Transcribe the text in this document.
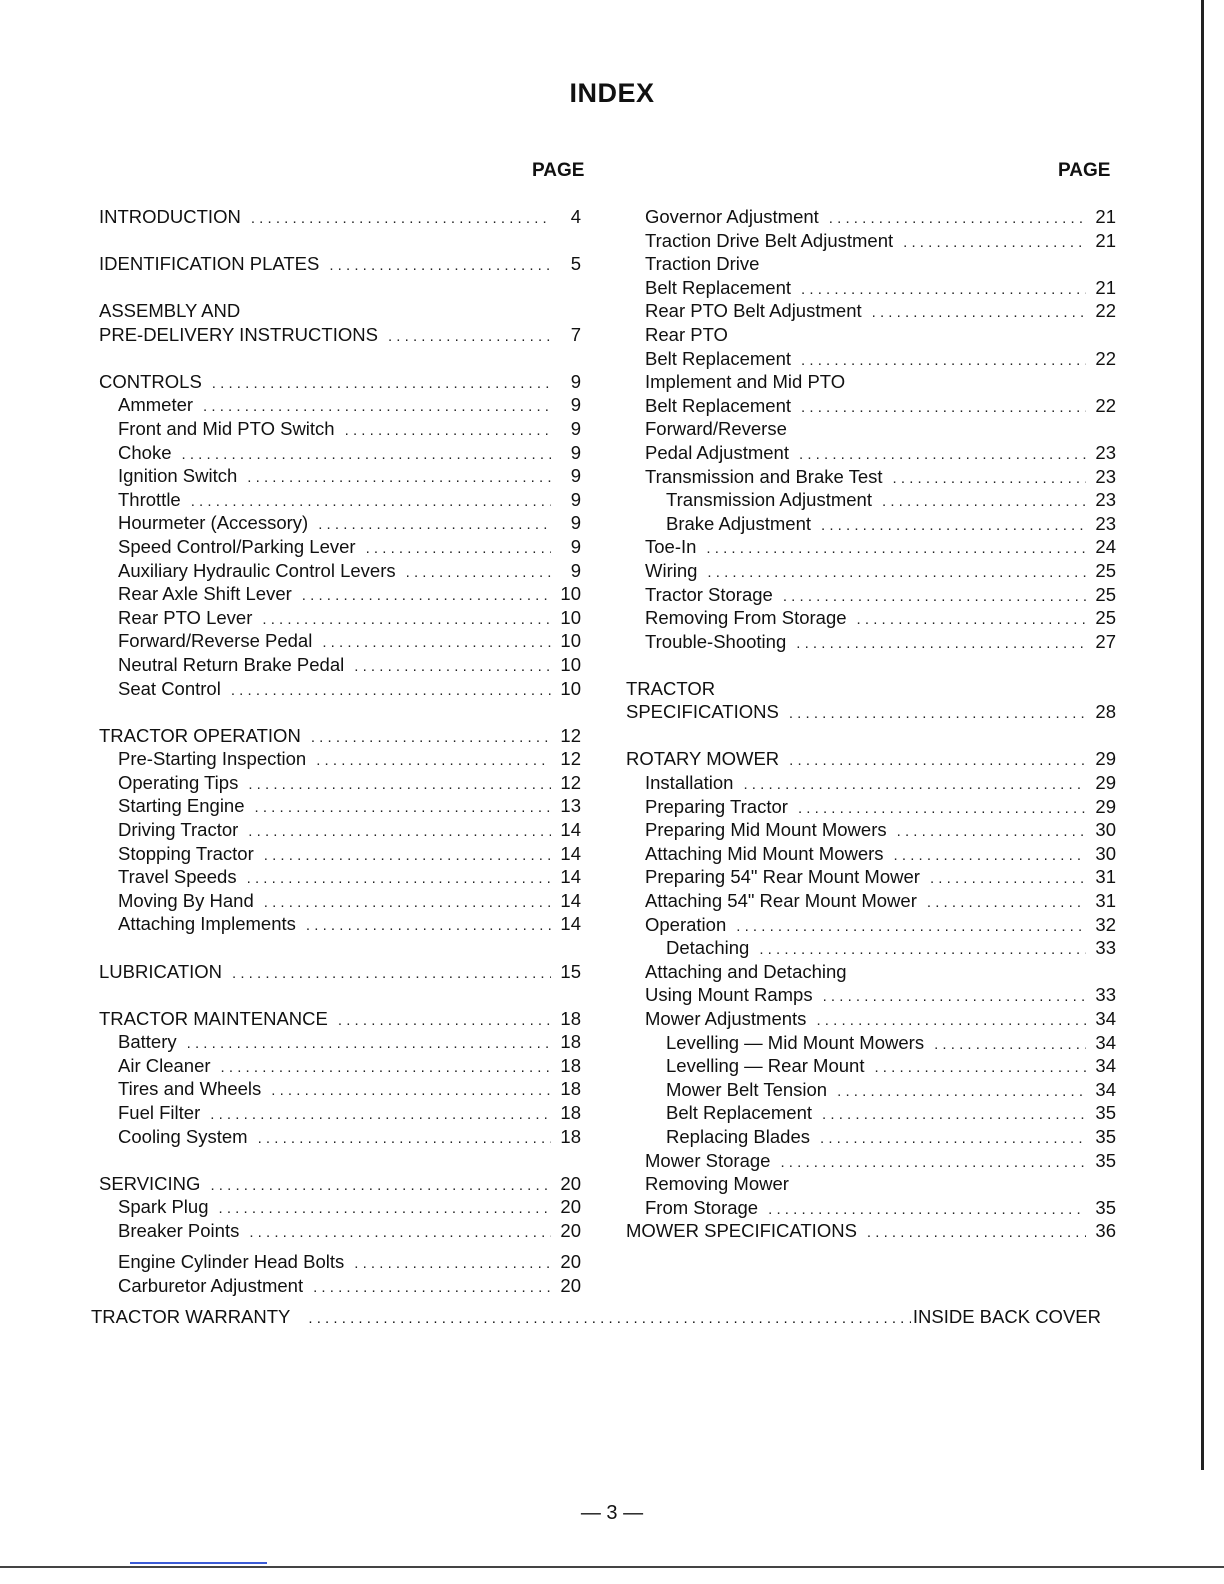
INDEX
PAGE	PAGE
INTRODUCTION . . .	4
IDENTIFICATION PLATES . . .	5
ASSEMBLY AND
PRE-DELIVERY INSTRUCTIONS . . .	7
CONTROLS . . .	9
Ammeter . . .	9
Front and Mid PTO Switch . . .	9
Choke . . .	9
Ignition Switch . . .	9
Throttle . . .	9
Hourmeter (Accessory) . . .	9
Speed Control/Parking Lever . . .	9
Auxiliary Hydraulic Control Levers . . .	9
Rear Axle Shift Lever . . .	10
Rear PTO Lever . . .	10
Forward/Reverse Pedal . . .	10
Neutral Return Brake Pedal . . .	10
Seat Control . . .	10
TRACTOR OPERATION . . .	12
Pre-Starting Inspection . . .	12
Operating Tips . . .	12
Starting Engine . . .	13
Driving Tractor . . .	14
Stopping Tractor . . .	14
Travel Speeds . . .	14
Moving By Hand . . .	14
Attaching Implements . . .	14
LUBRICATION . . .	15
TRACTOR MAINTENANCE . . .	18
Battery . . .	18
Air Cleaner . . .	18
Tires and Wheels . . .	18
Fuel Filter . . .	18
Cooling System . . .	18
SERVICING . . .	20
Spark Plug . . .	20
Breaker Points . . .	20
Engine Cylinder Head Bolts . . .	20
Carburetor Adjustment . . .	20
Governor Adjustment . . .	21
Traction Drive Belt Adjustment . . .	21
Traction Drive
Belt Replacement . . .	21
Rear PTO Belt Adjustment . . .	22
Rear PTO
Belt Replacement . . .	22
Implement and Mid PTO
Belt Replacement . . .	22
Forward/Reverse
Pedal Adjustment . . .	23
Transmission and Brake Test . . .	23
Transmission Adjustment . . .	23
Brake Adjustment . . .	23
Toe-In . . .	24
Wiring . . .	25
Tractor Storage . . .	25
Removing From Storage . . .	25
Trouble-Shooting . . .	27
TRACTOR
SPECIFICATIONS . . .	28
ROTARY MOWER . . .	29
Installation . . .	29
Preparing Tractor . . .	29
Preparing Mid Mount Mowers . . .	30
Attaching Mid Mount Mowers . . .	30
Preparing 54" Rear Mount Mower . . .	31
Attaching 54" Rear Mount Mower . . .	31
Operation . . .	32
Detaching . . .	33
Attaching and Detaching
Using Mount Ramps . . .	33
Mower Adjustments . . .	34
Levelling — Mid Mount Mowers . . .	34
Levelling — Rear Mount . . .	34
Mower Belt Tension . . .	34
Belt Replacement . . .	35
Replacing Blades . . .	35
Mower Storage . . .	35
Removing Mower
From Storage . . .	35
MOWER SPECIFICATIONS . . .	36
TRACTOR WARRANTY . . .	INSIDE BACK COVER
— 3 —
